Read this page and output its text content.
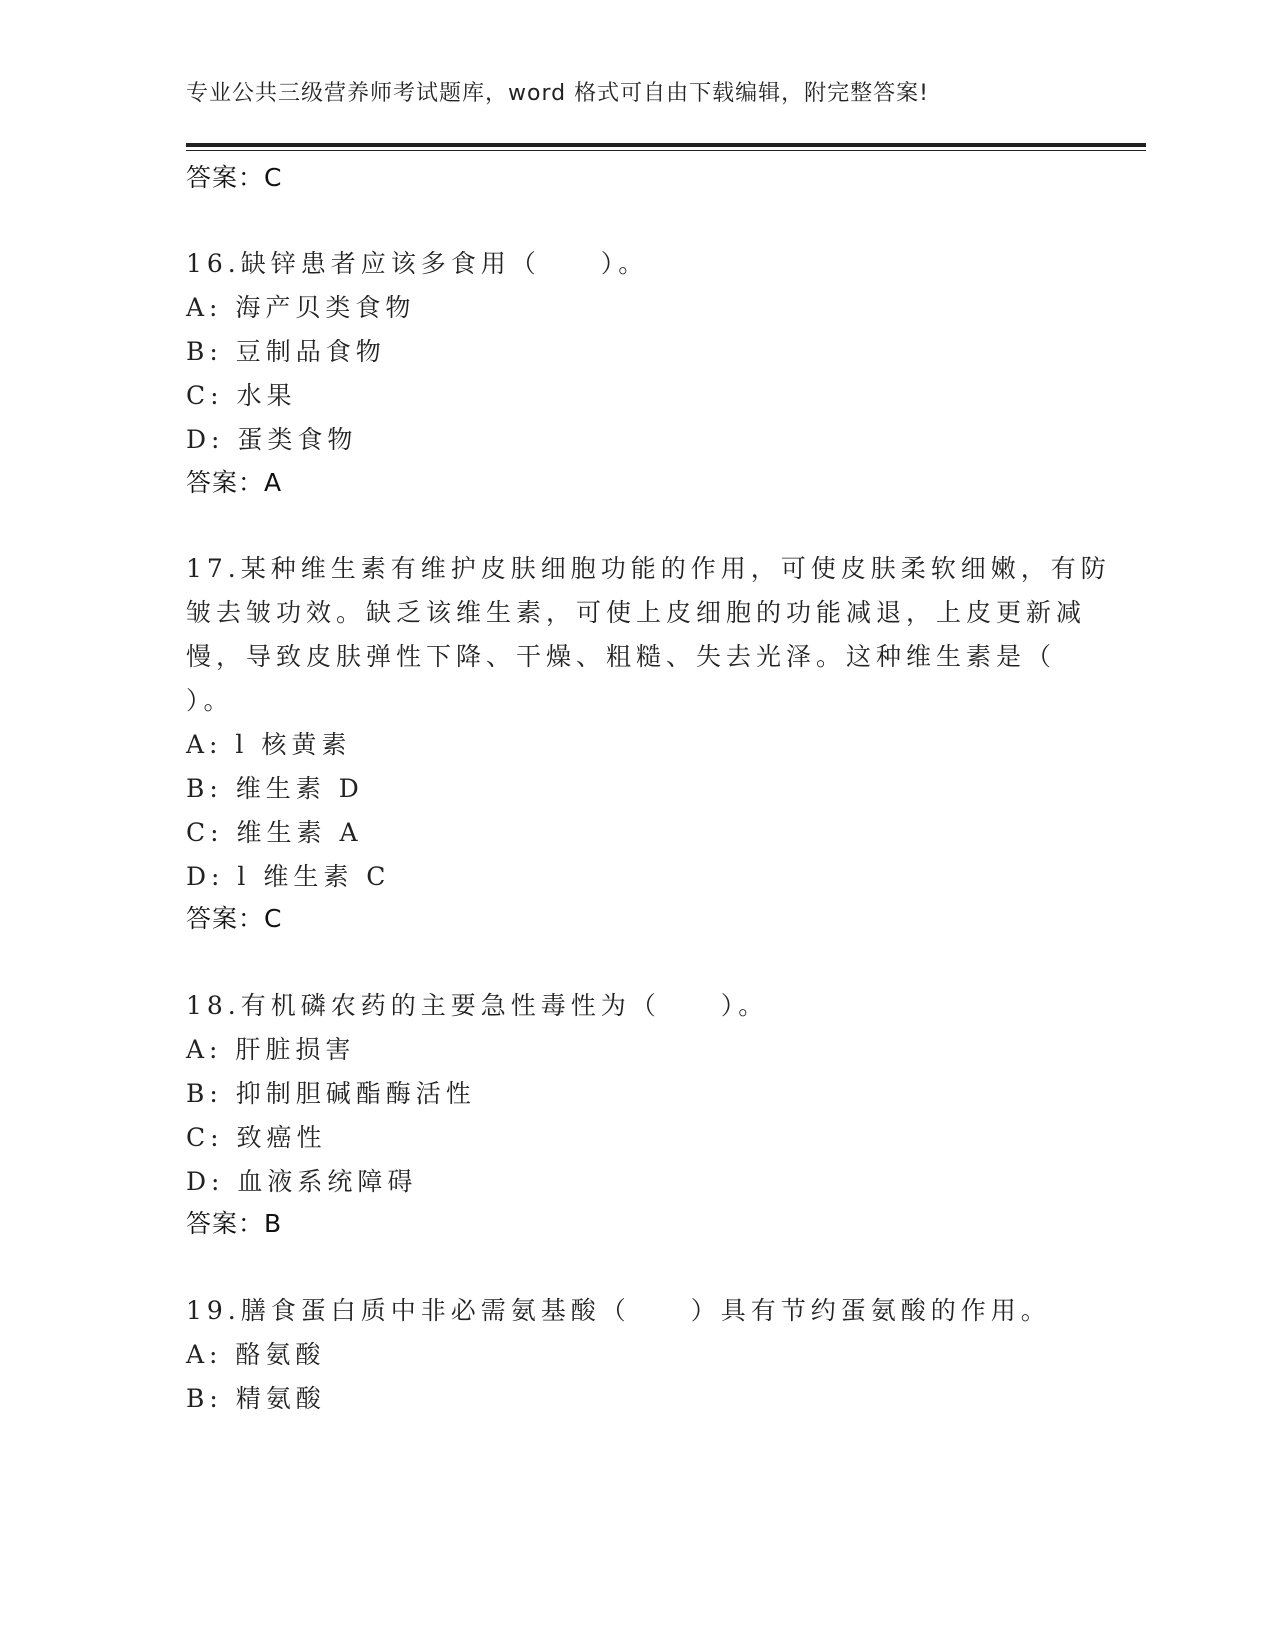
专业公共三级营养师考试题库，word 格式可自由下载编辑，附完整答案!
答案：C
16.缺锌患者应该多食用（　　）。
A: 海产贝类食物
B: 豆制品食物
C: 水果
D: 蛋类食物
答案：A
17.某种维生素有维护皮肤细胞功能的作用，可使皮肤柔软细嫩，有防
皱去皱功效。缺乏该维生素，可使上皮细胞的功能减退，上皮更新减
慢，导致皮肤弹性下降、干燥、粗糙、失去光泽。这种维生素是（
）。
A: l 核黄素
B: 维生素 D
C: 维生素 A
D: l 维生素 C
答案：C
18.有机磷农药的主要急性毒性为（　　）。
A: 肝脏损害
B: 抑制胆碱酯酶活性
C: 致癌性
D: 血液系统障碍
答案：B
19.膳食蛋白质中非必需氨基酸（　　）具有节约蛋氨酸的作用。
A: 酪氨酸
B: 精氨酸
